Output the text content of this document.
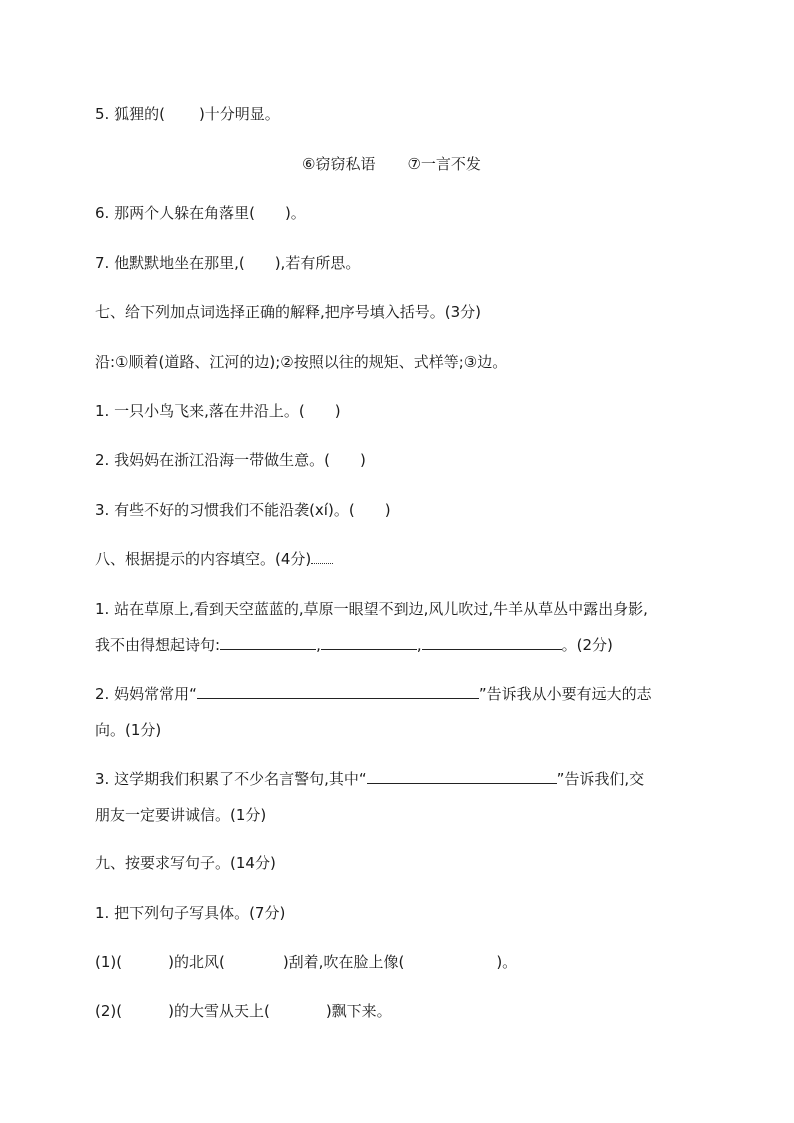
5. 狐狸的( )十分明显。
⑥窃窃私语 ⑦一言不发
6. 那两个人躲在角落里( )。
7. 他默默地坐在那里,( ),若有所思。
七、给下列加点词选择正确的解释,把序号填入括号。(3分)
沿:①顺着(道路、江河的边);②按照以往的规矩、式样等;③边。
1. 一只小鸟飞来,落在井沿上。( )
2. 我妈妈在浙江沿海一带做生意。( )
3. 有些不好的习惯我们不能沿袭(xí)。( )
八、根据提示的内容填空。(4分)
1. 站在草原上,看到天空蓝蓝的,草原一眼望不到边,风儿吹过,牛羊从草丛中露出身影,
我不由得想起诗句:	,	,	。(2分)
2. 妈妈常常用“	”告诉我从小要有远大的志
向。(1分)
3. 这学期我们积累了不少名言警句,其中“	”告诉我们,交
朋友一定要讲诚信。(1分)
九、按要求写句子。(14分)
1. 把下列句子写具体。(7分)
(1)(	)的北风(	)刮着,吹在脸上像(	)。
(2)(	)的大雪从天上(	)飘下来。
